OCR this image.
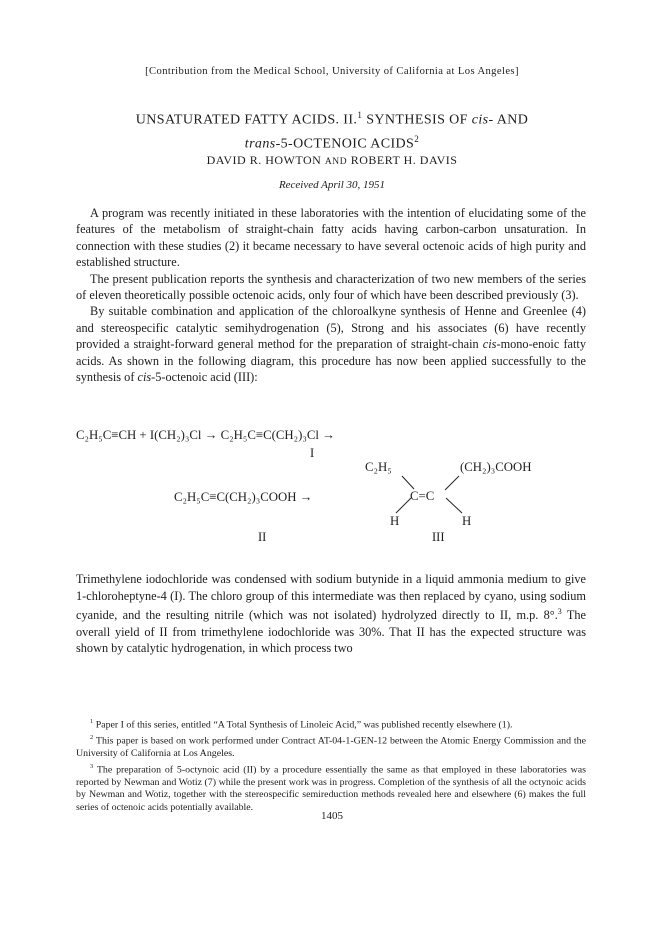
[Contribution from the Medical School, University of California at Los Angeles]
UNSATURATED FATTY ACIDS. II.$^1$ SYNTHESIS OF cis- AND
trans-5-OCTENOIC ACIDS$^2$
DAVID R. HOWTON AND ROBERT H. DAVIS
Received April 30, 1951

A program was recently initiated in these laboratories with the intention of elucidating some of the features of the metabolism of straight-chain fatty acids having carbon-carbon unsaturation. In connection with these studies (2) it became necessary to have several octenoic acids of high purity and established structure.

The present publication reports the synthesis and characterization of two new members of the series of eleven theoretically possible octenoic acids, only four of which have been described previously (3).

By suitable combination and application of the chloroalkyne synthesis of Henne and Greenlee (4) and stereospecific catalytic semihydrogenation (5), Strong and his associates (6) have recently provided a straight-forward general method for the preparation of straight-chain cis-mono-enoic fatty acids. As shown in the following diagram, this procedure has now been applied successfully to the synthesis of cis-5-octenoic acid (III):

C₂H₅C≡CH + I(CH₂)₃Cl → C₂H₅C≡C(CH₂)₃Cl →
I
C₂H₅C≡C(CH₂)₃COOH →
II
C₂H₅	(CH₂)₃COOH
C=C
H	H
III

Trimethylene iodochloride was condensed with sodium butynide in a liquid ammonia medium to give 1-chloroheptyne-4 (I). The chloro group of this intermediate was then replaced by cyano, using sodium cyanide, and the resulting nitrile (which was not isolated) hydrolyzed directly to II, m.p. 8°.$^3$ The overall yield of II from trimethylene iodochloride was 30%. That II has the expected structure was shown by catalytic hydrogenation, in which process two

$^1$ Paper I of this series, entitled “A Total Synthesis of Linoleic Acid,” was published recently elsewhere (1).

$^2$ This paper is based on work performed under Contract AT-04-1-GEN-12 between the Atomic Energy Commission and the University of California at Los Angeles.

$^3$ The preparation of 5-octynoic acid (II) by a procedure essentially the same as that employed in these laboratories was reported by Newman and Wotiz (7) while the present work was in progress. Completion of the synthesis of all the octynoic acids by Newman and Wotiz, together with the stereospecific semireduction methods revealed here and elsewhere (6) makes the full series of octenoic acids potentially available.

1405
